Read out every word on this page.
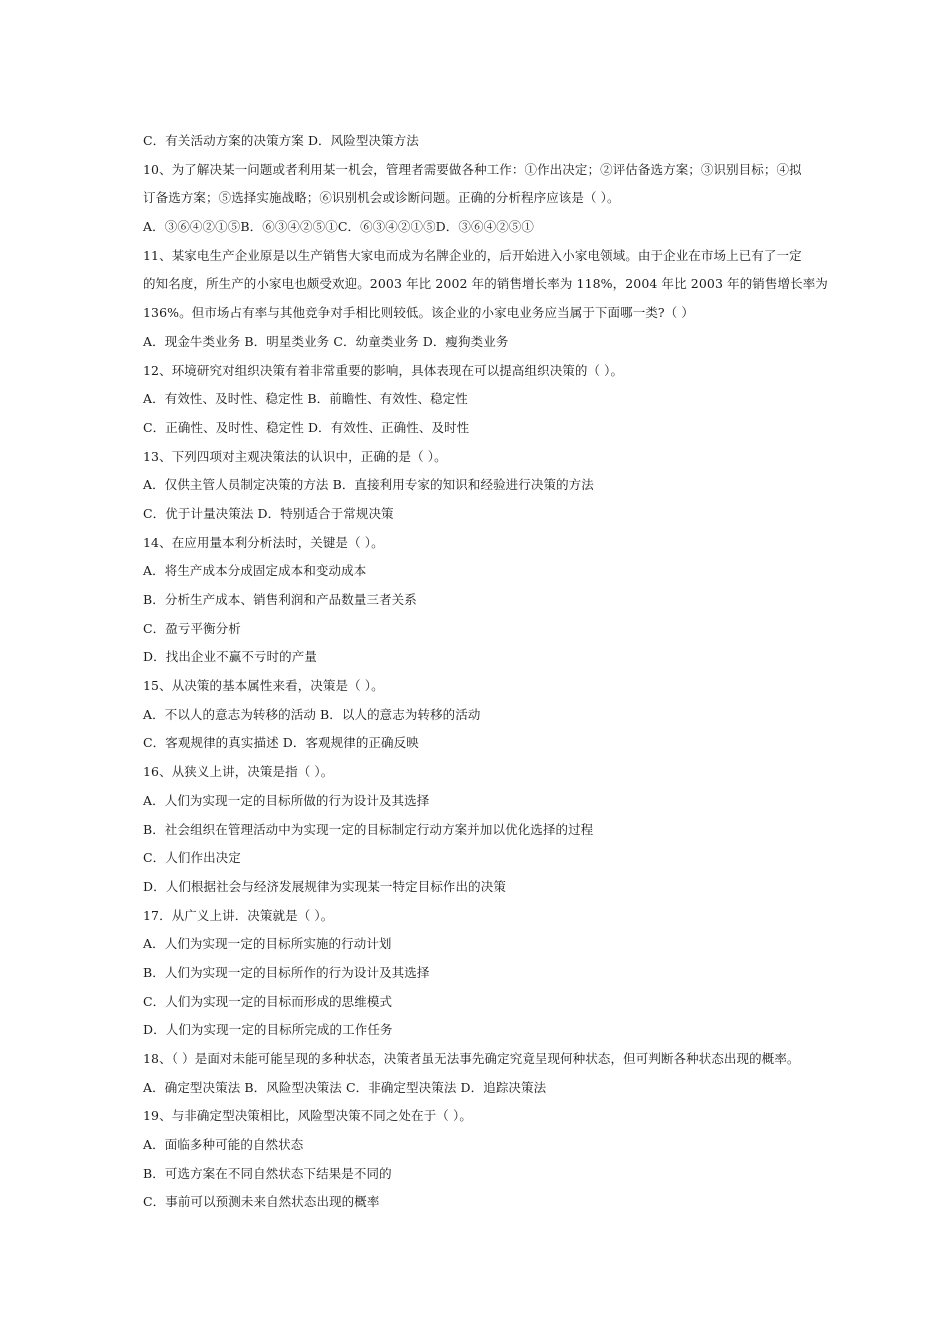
C．有关活动方案的决策方案 D．风险型决策方法
10、为了解决某一问题或者利用某一机会，管理者需要做各种工作：①作出决定；②评估备选方案；③识别目标；④拟
订备选方案；⑤选择实施战略；⑥识别机会或诊断问题。正确的分析程序应该是（ ）。
A．③⑥④②①⑤B．⑥③④②⑤①C．⑥③④②①⑤D．③⑥④②⑤①
11、某家电生产企业原是以生产销售大家电而成为名牌企业的，后开始进入小家电领域。由于企业在市场上已有了一定
的知名度，所生产的小家电也颇受欢迎。2003 年比 2002 年的销售增长率为 118%，2004 年比 2003 年的销售增长率为
136%。但市场占有率与其他竞争对手相比则较低。该企业的小家电业务应当属于下面哪一类?（ ）
A．现金牛类业务 B．明星类业务 C．幼童类业务 D．瘦狗类业务
12、环境研究对组织决策有着非常重要的影响，具体表现在可以提高组织决策的（ ）。
A．有效性、及时性、稳定性 B．前瞻性、有效性、稳定性
C．正确性、及时性、稳定性 D．有效性、正确性、及时性
13、下列四项对主观决策法的认识中，正确的是（ ）。
A．仅供主管人员制定决策的方法 B．直接利用专家的知识和经验进行决策的方法
C．优于计量决策法 D．特别适合于常规决策
14、在应用量本利分析法时，关键是（ ）。
A．将生产成本分成固定成本和变动成本
B．分析生产成本、销售利润和产品数量三者关系
C．盈亏平衡分析
D．找出企业不赢不亏时的产量
15、从决策的基本属性来看，决策是（ ）。
A．不以人的意志为转移的活动 B．以人的意志为转移的活动
C．客观规律的真实描述 D．客观规律的正确反映
16、从狭义上讲，决策是指（ ）。
A．人们为实现一定的目标所做的行为设计及其选择
B．社会组织在管理活动中为实现一定的目标制定行动方案并加以优化选择的过程
C．人们作出决定
D．人们根据社会与经济发展规律为实现某一特定目标作出的决策
17．从广义上讲．决策就是（ ）。
A．人们为实现一定的目标所实施的行动计划
B．人们为实现一定的目标所作的行为设计及其选择
C．人们为实现一定的目标而形成的思维模式
D．人们为实现一定的目标所完成的工作任务
18、（ ）是面对未能可能呈现的多种状态，决策者虽无法事先确定究竟呈现何种状态，但可判断各种状态出现的概率。
A．确定型决策法 B．风险型决策法 C．非确定型决策法 D．追踪决策法
19、与非确定型决策相比，风险型决策不同之处在于（ ）。
A．面临多种可能的自然状态
B．可选方案在不同自然状态下结果是不同的
C．事前可以预测未来自然状态出现的概率
